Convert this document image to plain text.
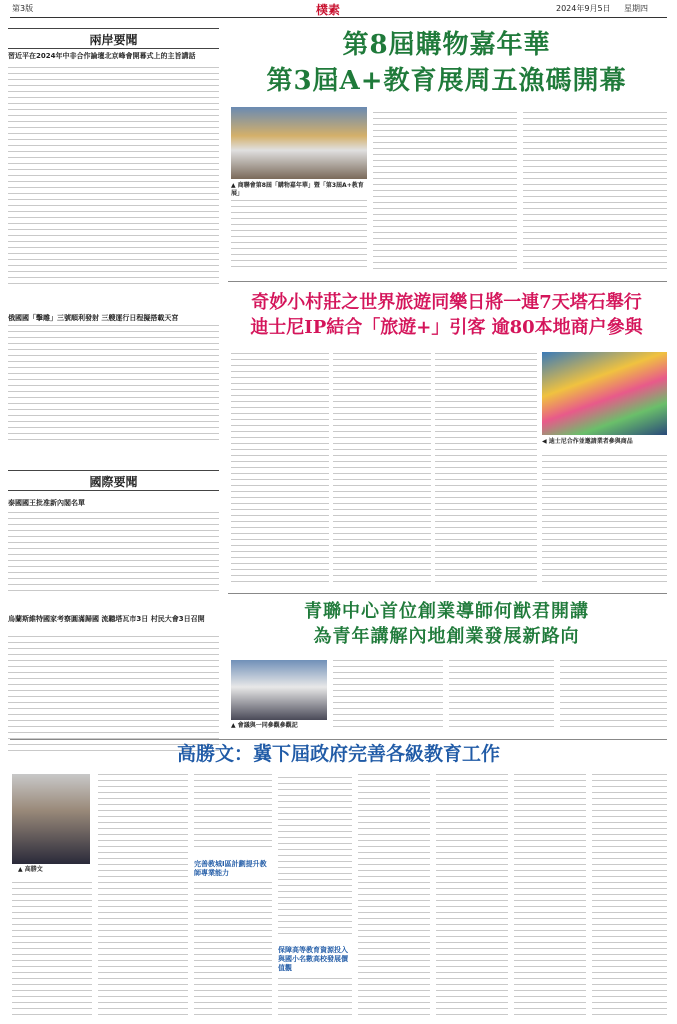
第3版	樸素	2024年9月5日 星期四
兩岸要聞
習近平在2024年中非合作論壇北京峰會開幕式上的主旨講話
俄國國「擊雕」三號順利發射 三艘運行日程擬搭載天宮
國際要聞
泰國國王批准新內閣名單
烏蘭斯維特國家考察圓滿歸國 流聽塔瓦市3日 村民大會3日召開
第8屆購物嘉年華
第3屆A+教育展周五漁碼開幕
▲ 商聯會第8屆「購物嘉年華」暨「第3屆A+教育展」
奇妙小村莊之世界旅遊同樂日將一連7天塔石舉行
迪士尼IP結合「旅遊+」引客 逾80本地商户參與
◀ 迪士尼合作並邀請業者參與商品
青聯中心首位創業導師何猷君開講
為青年講解內地創業發展新路向
▲ 會議與一同參觀參觀記
高勝文：冀下屆政府完善各級教育工作
▲ 高勝文
完善教城I區計劃提升教師專業能力
保障高等教育資源投入與國小名數高校發展價值觀
